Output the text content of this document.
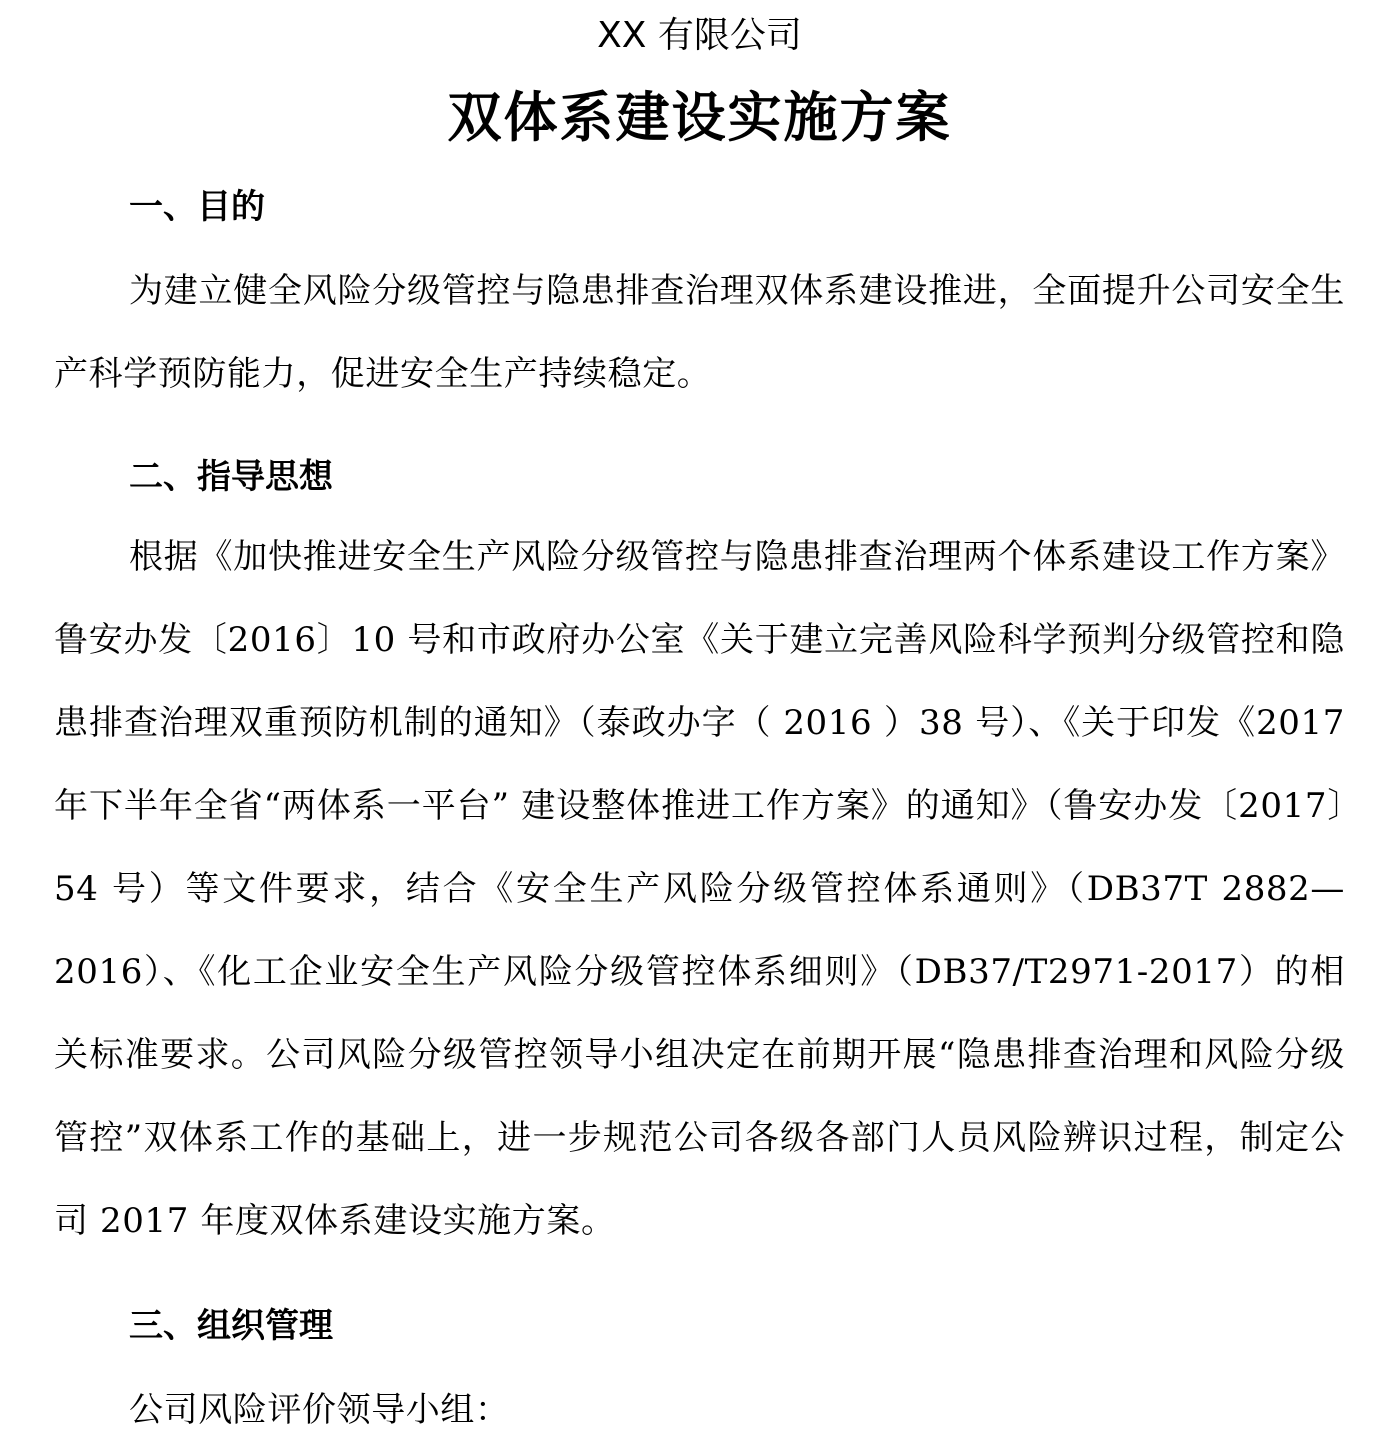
XX 有限公司
双体系建设实施方案

一、目的

为建立健全风险分级管控与隐患排查治理双体系建设推进，全面提升公司安全生产科学预防能力，促进安全生产持续稳定。

二、指导思想

根据《加快推进安全生产风险分级管控与隐患排查治理两个体系建设工作方案》鲁安办发〔2016〕10 号和市政府办公室《关于建立完善风险科学预判分级管控和隐患排查治理双重预防机制的通知》（泰政办字（ 2016 ）38 号）、《关于印发《2017 年下半年全省“两体系一平台” 建设整体推进工作方案》的通知》（鲁安办发〔2017〕54 号）等文件要求，结合《安全生产风险分级管控体系通则》（DB37T 2882—2016）、《化工企业安全生产风险分级管控体系细则》（DB37/T2971-2017）的相关标准要求。公司风险分级管控领导小组决定在前期开展“隐患排查治理和风险分级管控”双体系工作的基础上，进一步规范公司各级各部门人员风险辨识过程，制定公司 2017 年度双体系建设实施方案。

三、组织管理

公司风险评价领导小组：
